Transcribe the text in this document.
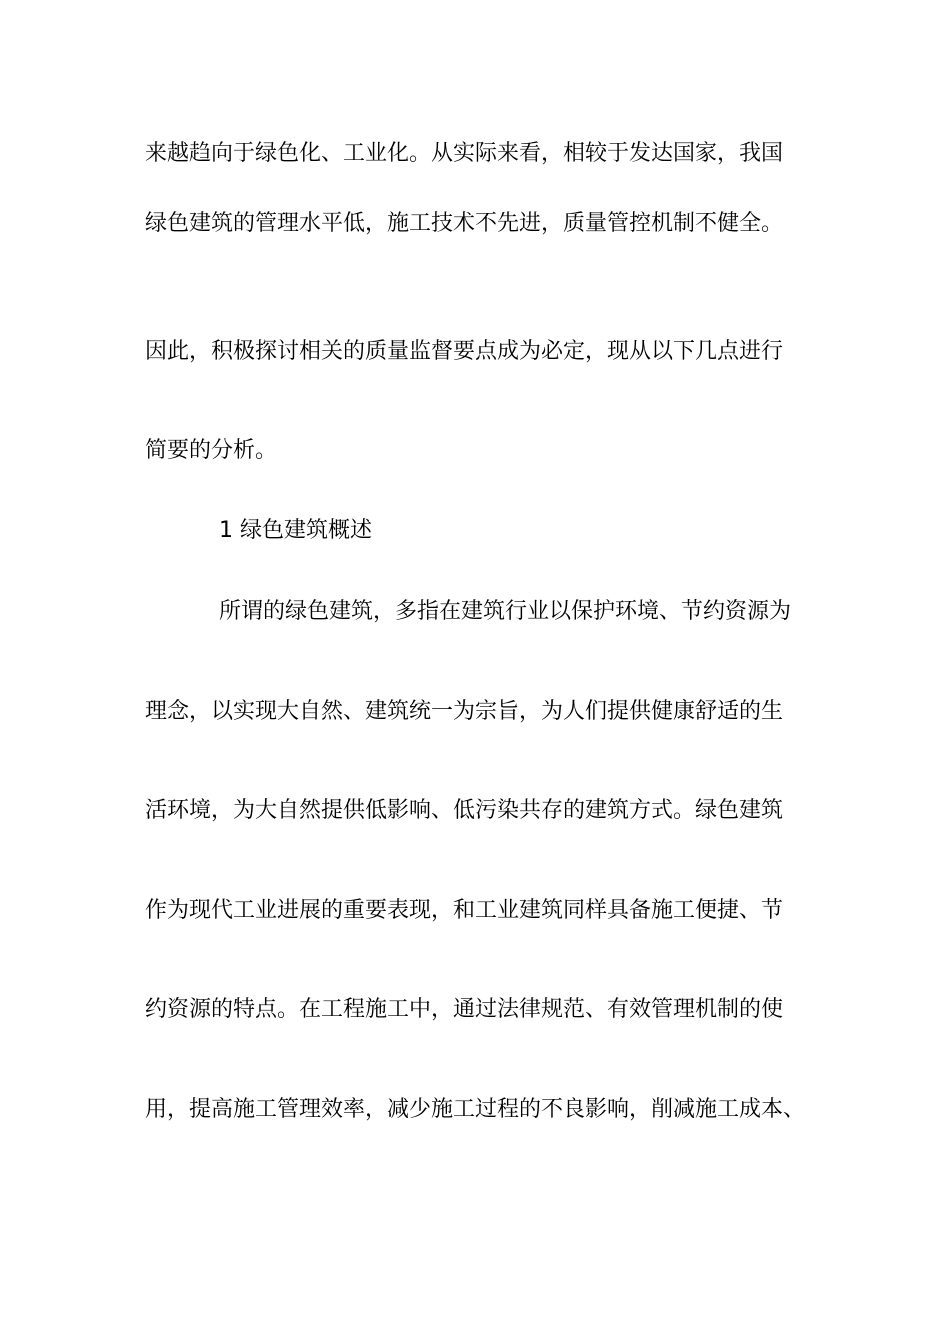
来越趋向于绿色化、工业化。从实际来看，相较于发达国家，我国
绿色建筑的管理水平低，施工技术不先进，质量管控机制不健全。
因此，积极探讨相关的质量监督要点成为必定，现从以下几点进行
简要的分析。
1 绿色建筑概述
所谓的绿色建筑，多指在建筑行业以保护环境、节约资源为
理念，以实现大自然、建筑统一为宗旨，为人们提供健康舒适的生
活环境，为大自然提供低影响、低污染共存的建筑方式。绿色建筑
作为现代工业进展的重要表现，和工业建筑同样具备施工便捷、节
约资源的特点。在工程施工中，通过法律规范、有效管理机制的使
用，提高施工管理效率，减少施工过程的不良影响，削减施工成本、
